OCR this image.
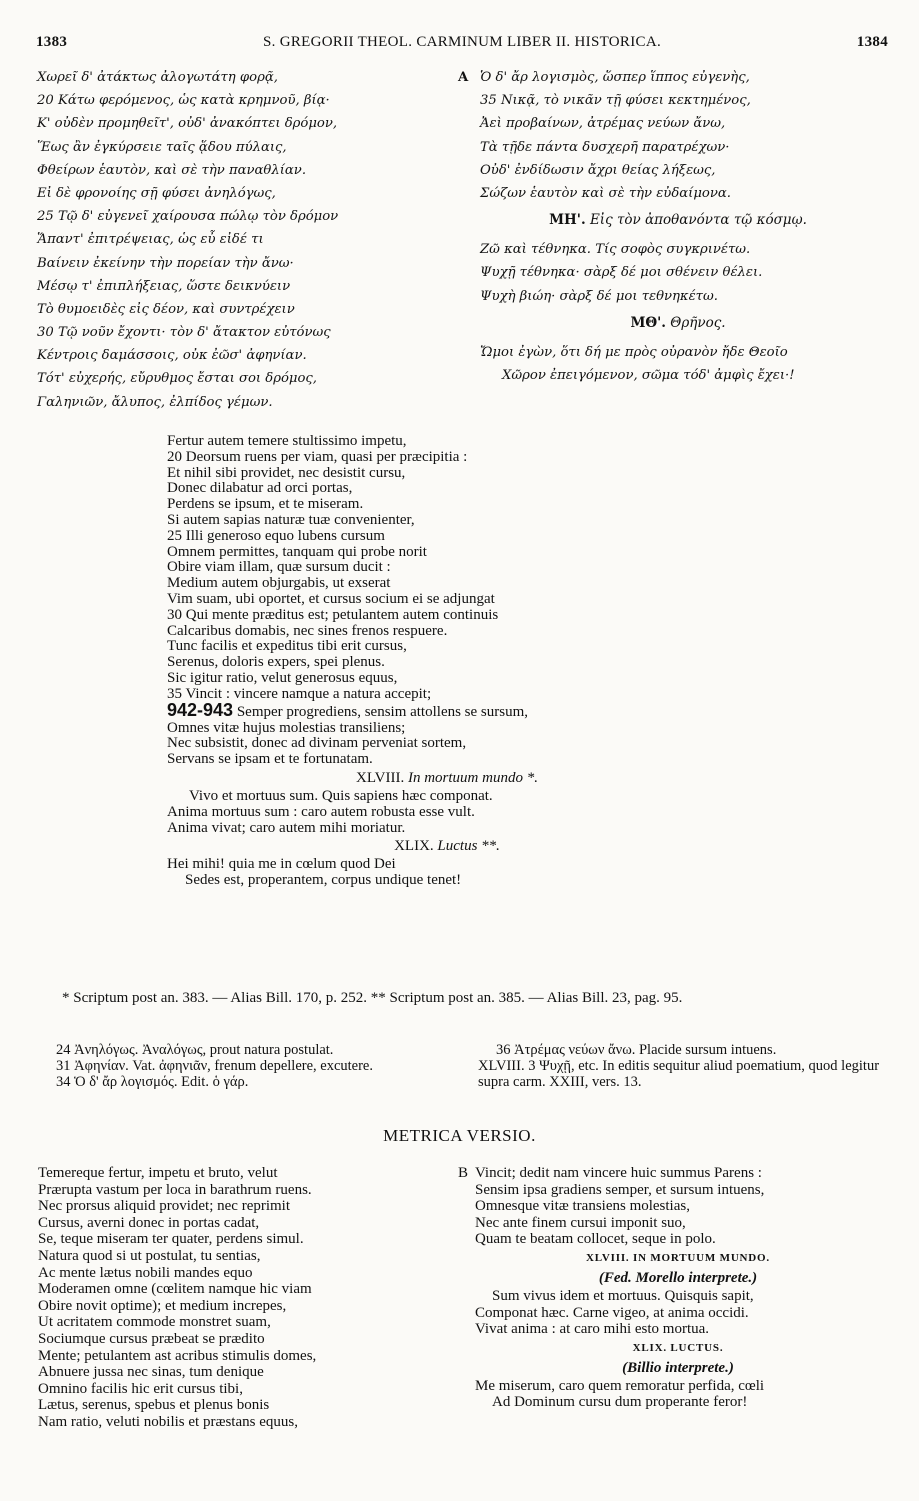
1383	S. GREGORII THEOL. CARMINUM LIBER II. HISTORICA.	1384
Χωρεῖ δ' ἀτάκτως ἀλογωτάτη φορᾷ,
20 Κάτω φερόμενος, ὡς κατὰ κρημνοῦ, βίᾳ·
Κ' οὐδὲν προμηθεῖτ', οὐδ' ἀνακόπτει δρόμον,
Ἕως ἂν ἐγκύρσειε ταῖς ᾅδου πύλαις,
Φθείρων ἑαυτὸν, καὶ σὲ τὴν παναθλίαν.
Εἰ δὲ φρονοίης σῇ φύσει ἀνηλόγως,
25 Τῷ δ' εὐγενεῖ χαίρουσα πώλῳ τὸν δρόμον
Ἅπαντ' ἐπιτρέψειας, ὡς εὖ εἰδέ τι
Βαίνειν ἐκείνην τὴν πορείαν τὴν ἄνω·
Μέσῳ τ' ἐπιπλήξειας, ὥστε δεικνύειν
Τὸ θυμοειδὲς εἰς δέον, καὶ συντρέχειν
30 Τῷ νοῦν ἔχοντι· τὸν δ' ἄτακτον εὐτόνως
Κέντροις δαμάσσοις, οὐκ ἐῶσ' ἀφηνίαν.
Τότ' εὐχερής, εὔρυθμος ἔσται σοι δρόμος,
Γαληνιῶν, ἄλυπος, ἐλπίδος γέμων.
A Ὁ δ' ἄρ λογισμὸς, ὥσπερ ἵππος εὐγενὴς,
35 Νικᾷ, τὸ νικᾶν τῇ φύσει κεκτημένος,
Ἀεὶ προβαίνων, ἀτρέμας νεύων ἄνω,
Τὰ τῇδε πάντα δυσχερῆ παρατρέχων·
Οὐδ' ἐνδίδωσιν ἄχρι θείας λήξεως,
Σώζων ἑαυτὸν καὶ σὲ τὴν εὐδαίμονα.
ΜΗ'. Εἰς τὸν ἀποθανόντα τῷ κόσμῳ.
Ζῶ καὶ τέθνηκα. Τίς σοφὸς συγκρινέτω.
Ψυχῇ τέθνηκα· σὰρξ δέ μοι σθένειν θέλει.
Ψυχὴ βιώη· σὰρξ δέ μοι τεθνηκέτω.
ΜΘ'. Θρῆνος.
Ὤμοι ἐγὼν, ὅτι δή με πρὸς οὐρανὸν ἤδε Θεοῖο
Χῶρον ἐπειγόμενον, σῶμα τόδ' ἀμφὶς ἔχει·!
Fertur autem temere stultissimo impetu,
20 Deorsum ruens per viam, quasi per præcipitia :
Et nihil sibi providet, nec desistit cursu,
Donec dilabatur ad orci portas,
Perdens se ipsum, et te miseram.
Si autem sapias naturæ tuæ convenienter,
25 Illi generoso equo lubens cursum
Omnem permittes, tanquam qui probe norit
Obire viam illam, quæ sursum ducit :
Medium autem objurgabis, ut exserat
Vim suam, ubi oportet, et cursus socium ei se adjungat
30 Qui mente præditus est; petulantem autem continuis
Calcaribus domabis, nec sines frenos respuere.
Tunc facilis et expeditus tibi erit cursus,
Serenus, doloris expers, spei plenus.
Sic igitur ratio, velut generosus equus,
35 Vincit : vincere namque a natura accepit;
942-943 Semper progrediens, sensim attollens se sursum,
Omnes vitæ hujus molestias transiliens;
Nec subsistit, donec ad divinam perveniat sortem,
Servans se ipsam et te fortunatam.
XLVIII. In mortuum mundo *.
Vivo et mortuus sum. Quis sapiens hæc componat.
Anima mortuus sum : caro autem robusta esse vult.
Anima vivat; caro autem mihi moriatur.
XLIX. Luctus **.
Hei mihi! quia me in cœlum quod Dei
Sedes est, properantem, corpus undique tenet!
* Scriptum post an. 383. — Alias Bill. 170, p. 252. ** Scriptum post an. 385. — Alias Bill. 23, pag. 95.
24 Ἀνηλόγως. Ἀναλόγως, prout natura postulat.
31 Ἀφηνίαν. Vat. ἀφηνιᾶν, frenum depellere, excutere.
34 Ὁ δ' ἄρ λογισμός. Edit. ὁ γάρ.
36 Ἀτρέμας νεύων ἄνω. Placide sursum intuens.
XLVIII. 3 Ψυχῇ, etc. In editis sequitur aliud poematium, quod legitur supra carm. XXIII, vers. 13.
METRICA VERSIO.
Temereque fertur, impetu et bruto, velut
Prærupta vastum per loca in barathrum ruens.
Nec prorsus aliquid providet; nec reprimit
Cursus, averni donec in portas cadat,
Se, teque miseram ter quater, perdens simul.
Natura quod si ut postulat, tu sentias,
Ac mente lætus nobili mandes equo
Moderamen omne (cœlitem namque hic viam
Obire novit optime); et medium increpes,
Ut acritatem commode monstret suam,
Sociumque cursus præbeat se prædito
Mente; petulantem ast acribus stimulis domes,
Abnuere jussa nec sinas, tum denique
Omnino facilis hic erit cursus tibi,
Lætus, serenus, spebus et plenus bonis
Nam ratio, veluti nobilis et præstans equus,
B Vincit; dedit nam vincere huic summus Parens :
Sensim ipsa gradiens semper, et sursum intuens,
Omnesque vitæ transiens molestias,
Nec ante finem cursui imponit suo,
Quam te beatam collocet, seque in polo.
XLVIII. IN MORTUUM MUNDO.
(Fed. Morello interprete.)
Sum vivus idem et mortuus. Quisquis sapit,
Componat hæc. Carne vigeo, at anima occidi.
Vivat anima : at caro mihi esto mortua.
XLIX. LUCTUS.
(Billio interprete.)
Me miserum, caro quem remoratur perfida, cœli
Ad Dominum cursu dum properante feror!
